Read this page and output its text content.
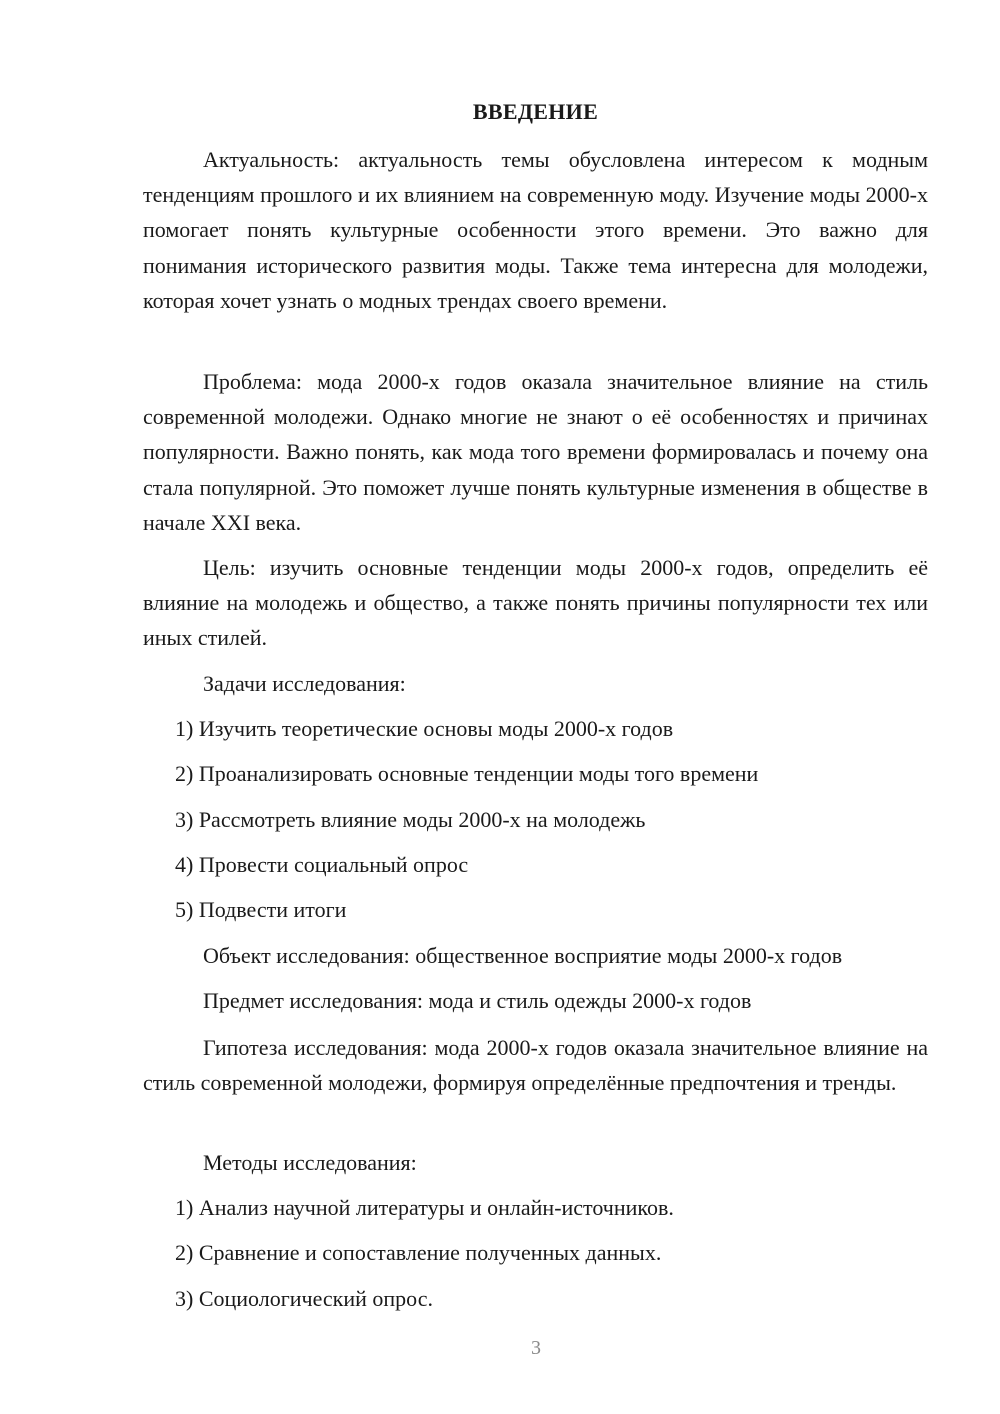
ВВЕДЕНИЕ

Актуальность: актуальность темы обусловлена интересом к модным тенденциям прошлого и их влиянием на современную моду. Изучение моды 2000-х помогает понять культурные особенности этого времени. Это важно для понимания исторического развития моды. Также тема интересна для молодежи, которая хочет узнать о модных трендах своего времени.

Проблема: мода 2000-х годов оказала значительное влияние на стиль современной молодежи. Однако многие не знают о её особенностях и причинах популярности. Важно понять, как мода того времени формировалась и почему она стала популярной. Это поможет лучше понять культурные изменения в обществе в начале XXI века.

Цель: изучить основные тенденции моды 2000-х годов, определить её влияние на молодежь и общество, а также понять причины популярности тех или иных стилей.

Задачи исследования:

1) Изучить теоретические основы моды 2000-х годов

2) Проанализировать основные тенденции моды того времени

3) Рассмотреть влияние моды 2000-х на молодежь

4) Провести социальный опрос

5) Подвести итоги

Объект исследования: общественное восприятие моды 2000-х годов

Предмет исследования: мода и стиль одежды 2000-х годов

Гипотеза исследования: мода 2000-х годов оказала значительное влияние на стиль современной молодежи, формируя определённые предпочтения и тренды.

Методы исследования:

1) Анализ научной литературы и онлайн-источников.

2) Сравнение и сопоставление полученных данных.

3) Социологический опрос.

3
